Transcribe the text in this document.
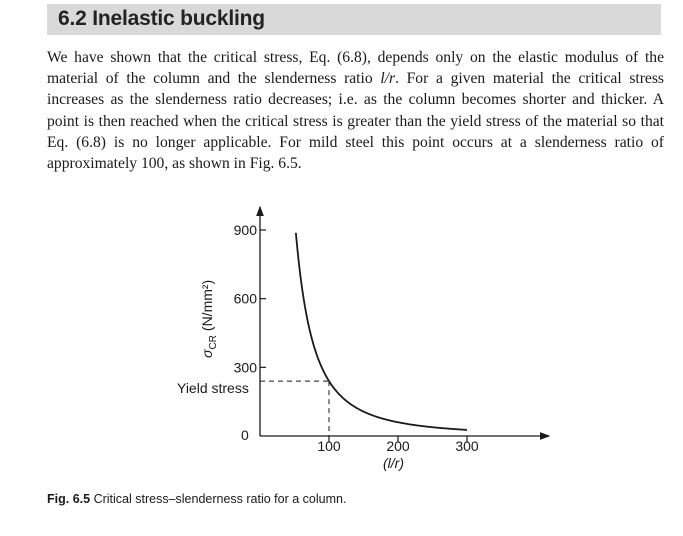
6.2 Inelastic buckling

We have shown that the critical stress, Eq. (6.8), depends only on the elastic modulus of the material of the column and the slenderness ratio l/r. For a given material the critical stress increases as the slenderness ratio decreases; i.e. as the column becomes shorter and thicker. A point is then reached when the critical stress is greater than the yield stress of the material so that Eq. (6.8) is no longer applicable. For mild steel this point occurs at a slenderness ratio of approximately 100, as shown in Fig. 6.5.

100	200	300
900
600
300
0
Yield stress
$\sigma_{CR}(N/mm^2)$
(l/r)
Fig. 6.5 Critical stress–slenderness ratio for a column.
